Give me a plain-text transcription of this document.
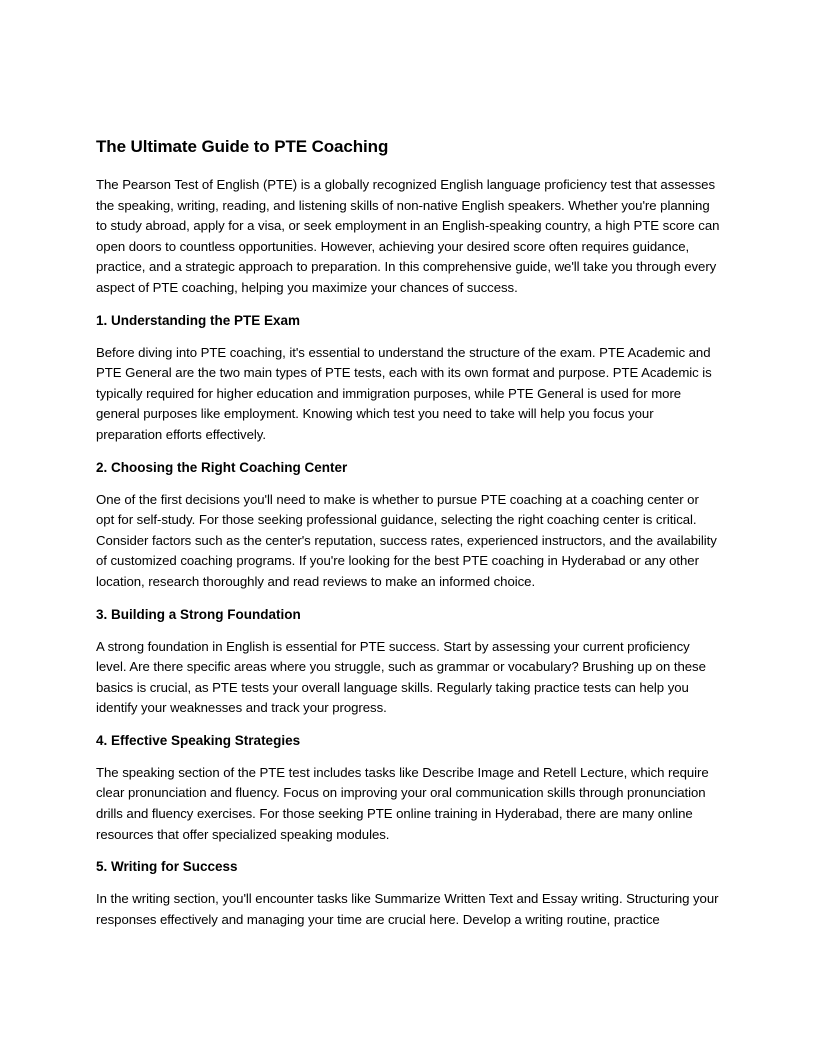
The Ultimate Guide to PTE Coaching

The Pearson Test of English (PTE) is a globally recognized English language proficiency test that assesses the speaking, writing, reading, and listening skills of non-native English speakers. Whether you're planning to study abroad, apply for a visa, or seek employment in an English-speaking country, a high PTE score can open doors to countless opportunities. However, achieving your desired score often requires guidance, practice, and a strategic approach to preparation. In this comprehensive guide, we'll take you through every aspect of PTE coaching, helping you maximize your chances of success.

1. Understanding the PTE Exam

Before diving into PTE coaching, it's essential to understand the structure of the exam. PTE Academic and PTE General are the two main types of PTE tests, each with its own format and purpose. PTE Academic is typically required for higher education and immigration purposes, while PTE General is used for more general purposes like employment. Knowing which test you need to take will help you focus your preparation efforts effectively.

2. Choosing the Right Coaching Center

One of the first decisions you'll need to make is whether to pursue PTE coaching at a coaching center or opt for self-study. For those seeking professional guidance, selecting the right coaching center is critical. Consider factors such as the center's reputation, success rates, experienced instructors, and the availability of customized coaching programs. If you're looking for the best PTE coaching in Hyderabad or any other location, research thoroughly and read reviews to make an informed choice.

3. Building a Strong Foundation

A strong foundation in English is essential for PTE success. Start by assessing your current proficiency level. Are there specific areas where you struggle, such as grammar or vocabulary? Brushing up on these basics is crucial, as PTE tests your overall language skills. Regularly taking practice tests can help you identify your weaknesses and track your progress.

4. Effective Speaking Strategies

The speaking section of the PTE test includes tasks like Describe Image and Retell Lecture, which require clear pronunciation and fluency. Focus on improving your oral communication skills through pronunciation drills and fluency exercises. For those seeking PTE online training in Hyderabad, there are many online resources that offer specialized speaking modules.

5. Writing for Success

In the writing section, you'll encounter tasks like Summarize Written Text and Essay writing. Structuring your responses effectively and managing your time are crucial here. Develop a writing routine, practice
